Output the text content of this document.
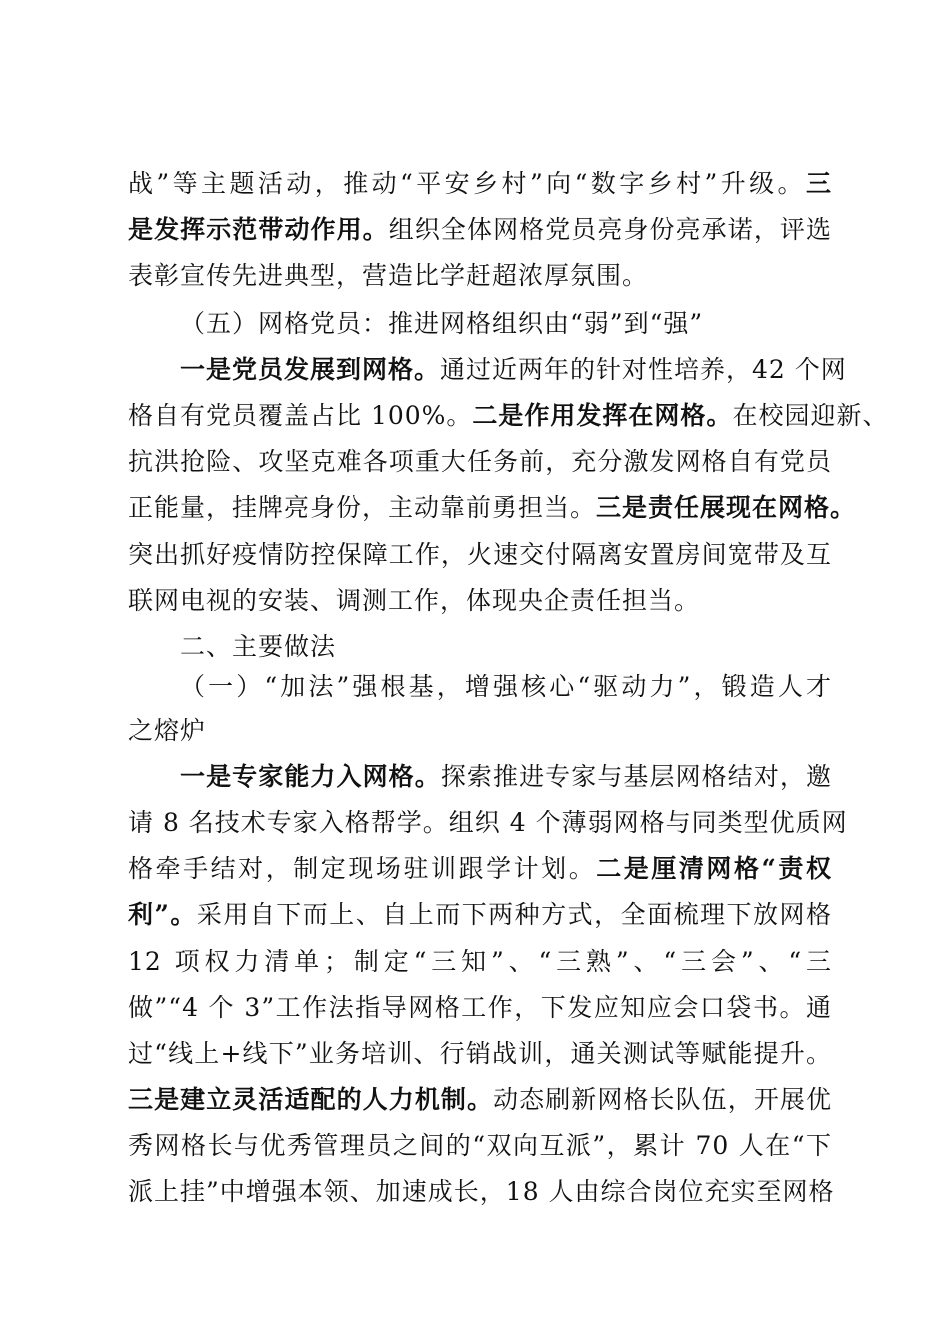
战”等主题活动，推动“平安乡村”向“数字乡村”升级。三
是发挥示范带动作用。组织全体网格党员亮身份亮承诺，评选
表彰宣传先进典型，营造比学赶超浓厚氛围。
（五）网格党员：推进网格组织由“弱”到“强”
一是党员发展到网格。通过近两年的针对性培养，42 个网
格自有党员覆盖占比 100%。二是作用发挥在网格。在校园迎新、
抗洪抢险、攻坚克难各项重大任务前，充分激发网格自有党员
正能量，挂牌亮身份，主动靠前勇担当。三是责任展现在网格。
突出抓好疫情防控保障工作，火速交付隔离安置房间宽带及互
联网电视的安装、调测工作，体现央企责任担当。
二、主要做法
（一）“加法”强根基，增强核心“驱动力”，锻造人才
之熔炉
一是专家能力入网格。探索推进专家与基层网格结对，邀
请 8 名技术专家入格帮学。组织 4 个薄弱网格与同类型优质网
格牵手结对，制定现场驻训跟学计划。二是厘清网格“责权
利”。采用自下而上、自上而下两种方式，全面梳理下放网格
12 项权力清单；制定“三知”、“三熟”、“三会”、“三
做”“4 个 3”工作法指导网格工作，下发应知应会口袋书。通
过“线上+线下”业务培训、行销战训，通关测试等赋能提升。
三是建立灵活适配的人力机制。动态刷新网格长队伍，开展优
秀网格长与优秀管理员之间的“双向互派”，累计 70 人在“下
派上挂”中增强本领、加速成长，18 人由综合岗位充实至网格
